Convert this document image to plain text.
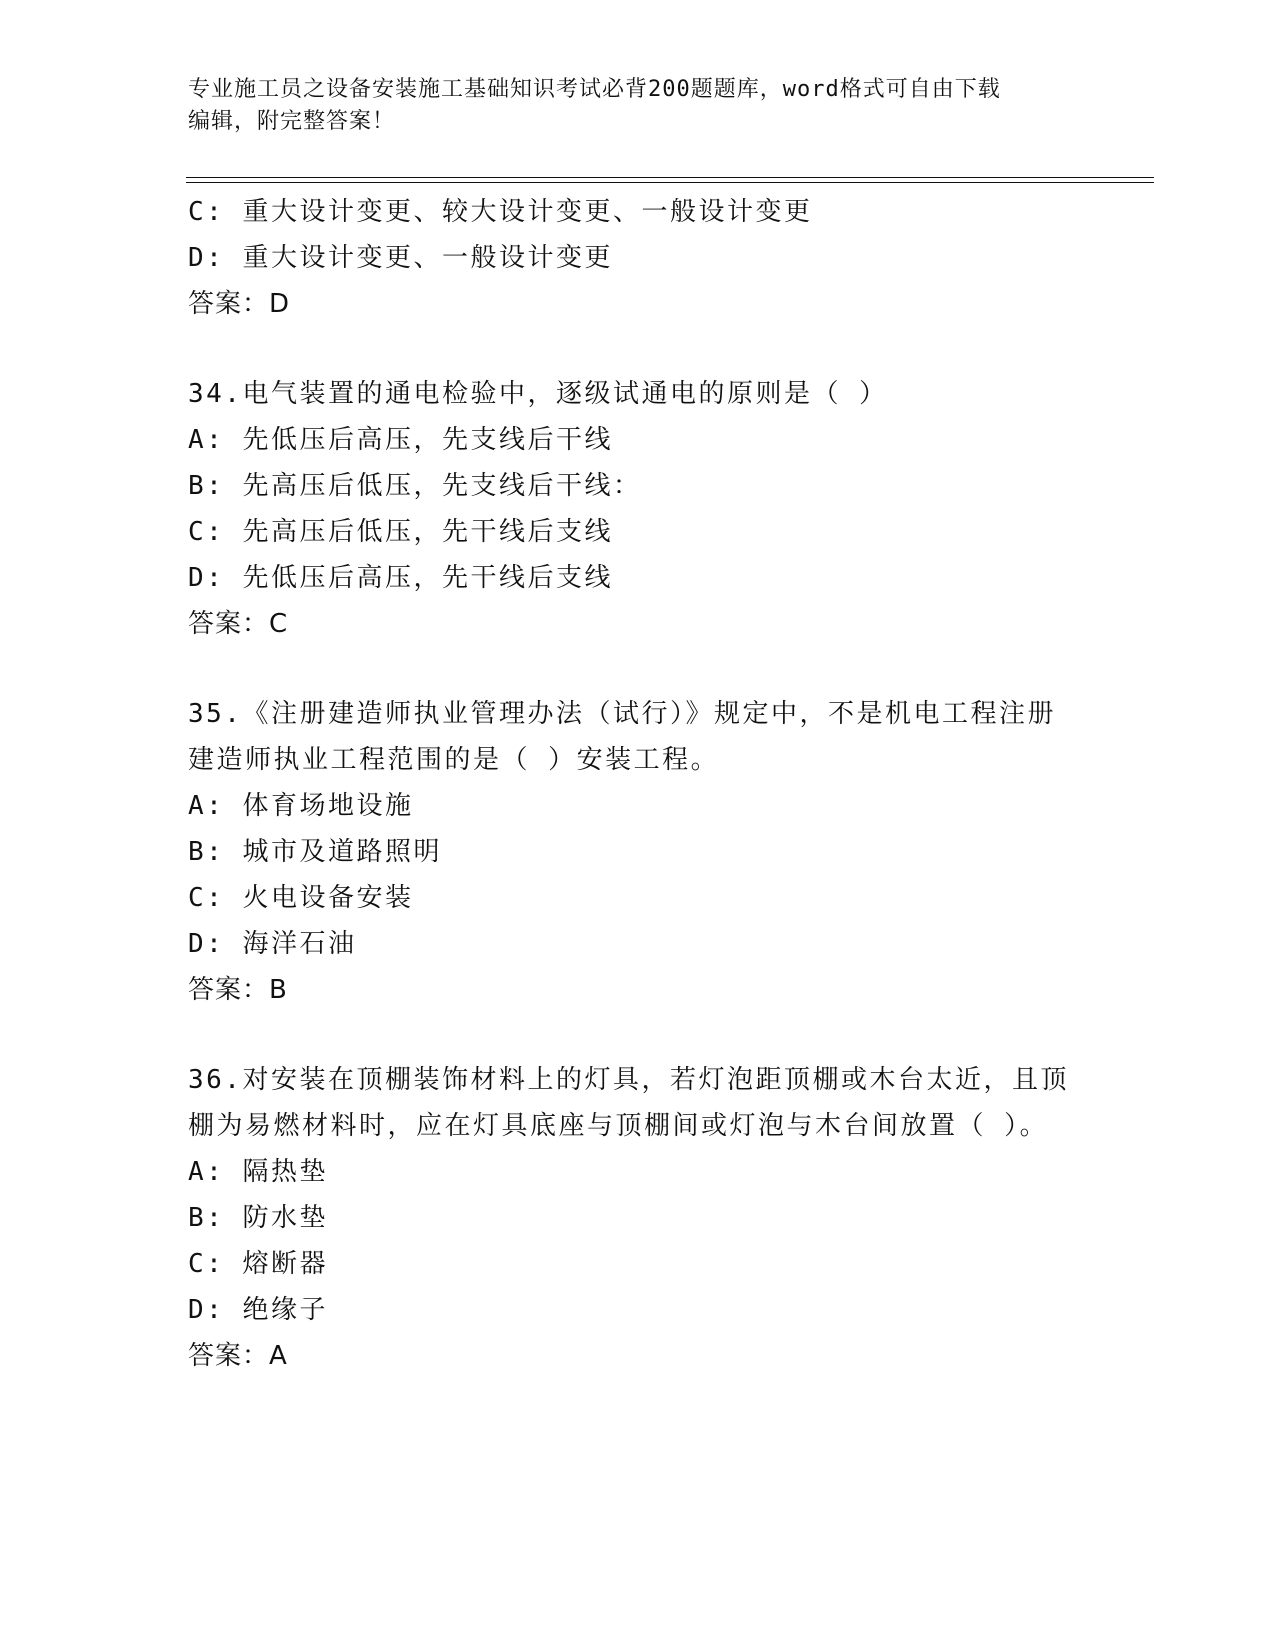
专业施工员之设备安装施工基础知识考试必背200题题库，word格式可自由下载
编辑，附完整答案！
C: 重大设计变更、较大设计变更、一般设计变更
D: 重大设计变更、一般设计变更
答案：D
34.电气装置的通电检验中，逐级试通电的原则是（ ）
A: 先低压后高压，先支线后干线
B: 先高压后低压，先支线后干线：
C: 先高压后低压，先干线后支线
D: 先低压后高压，先干线后支线
答案：C
35.《注册建造师执业管理办法（试行）》规定中，不是机电工程注册
建造师执业工程范围的是（ ）安装工程。
A: 体育场地设施
B: 城市及道路照明
C: 火电设备安装
D: 海洋石油
答案：B
36.对安装在顶棚装饰材料上的灯具，若灯泡距顶棚或木台太近，且顶
棚为易燃材料时，应在灯具底座与顶棚间或灯泡与木台间放置（ ）。
A: 隔热垫
B: 防水垫
C: 熔断器
D: 绝缘子
答案：A
